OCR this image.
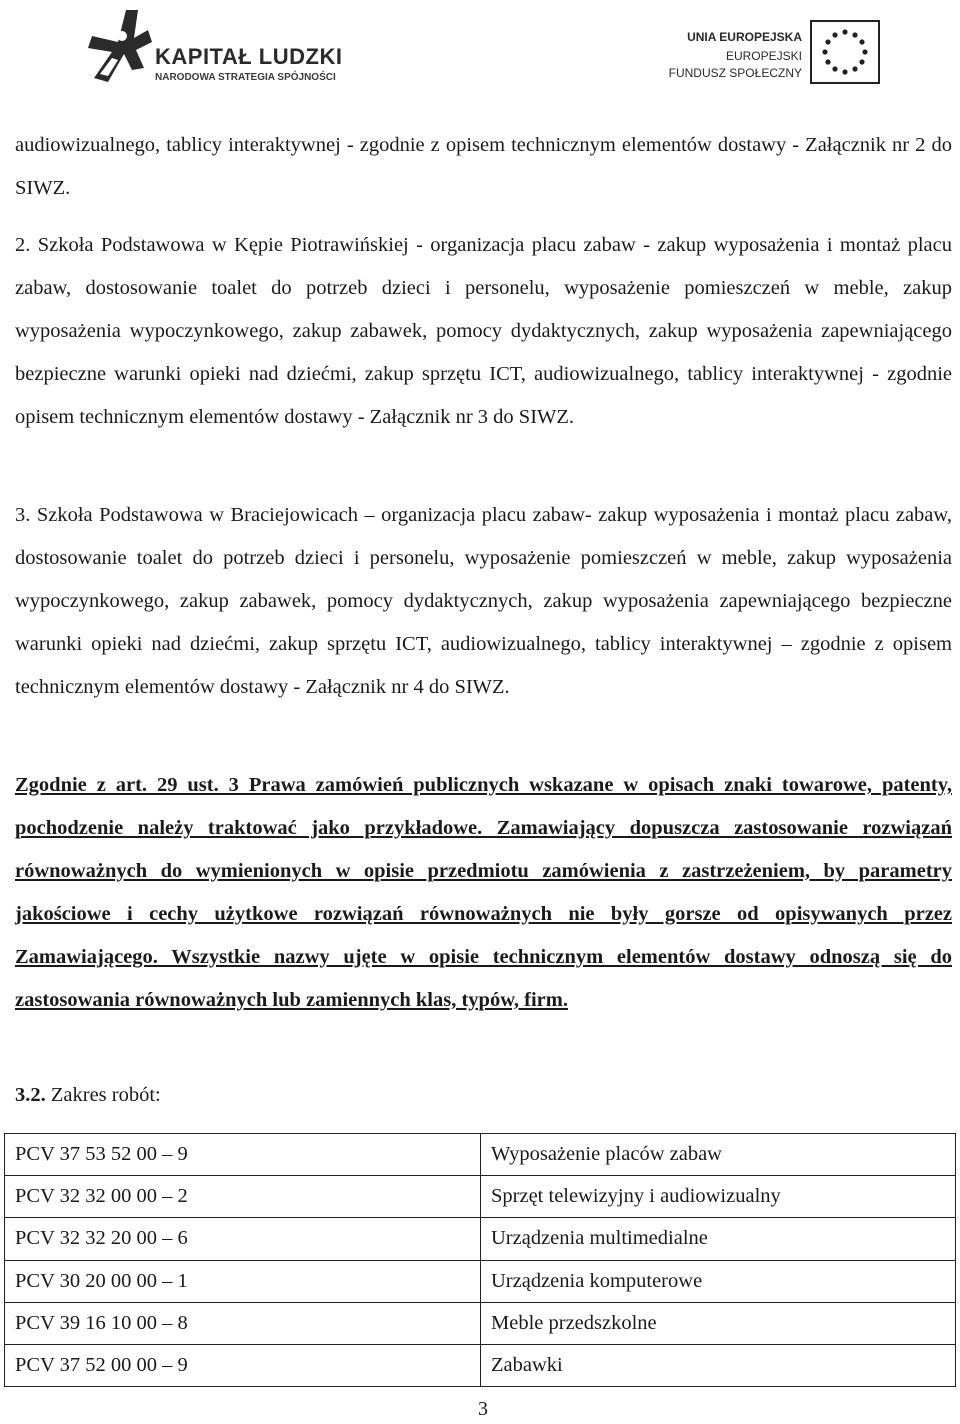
KAPITAŁ LUDZKI
NARODOWA STRATEGIA SPÓJNOŚCI
UNIA EUROPEJSKA
EUROPEJSKI
FUNDUSZ SPOŁECZNY

audiowizualnego, tablicy interaktywnej - zgodnie z opisem technicznym elementów dostawy - Załącznik nr 2 do SIWZ.

2. Szkoła Podstawowa w Kępie Piotrawińskiej - organizacja placu zabaw - zakup wyposażenia i montaż placu zabaw, dostosowanie toalet do potrzeb dzieci i personelu, wyposażenie pomieszczeń w meble, zakup wyposażenia wypoczynkowego, zakup zabawek, pomocy dydaktycznych, zakup wyposażenia zapewniającego bezpieczne warunki opieki nad dziećmi, zakup sprzętu ICT, audiowizualnego, tablicy interaktywnej - zgodnie opisem technicznym elementów dostawy - Załącznik nr 3 do SIWZ.

3. Szkoła Podstawowa w Braciejowicach – organizacja placu zabaw- zakup wyposażenia i montaż placu zabaw, dostosowanie toalet do potrzeb dzieci i personelu, wyposażenie pomieszczeń w meble, zakup wyposażenia wypoczynkowego, zakup zabawek, pomocy dydaktycznych, zakup wyposażenia zapewniającego bezpieczne warunki opieki nad dziećmi, zakup sprzętu ICT, audiowizualnego, tablicy interaktywnej – zgodnie z opisem technicznym elementów dostawy - Załącznik nr 4 do SIWZ.

Zgodnie z art. 29 ust. 3 Prawa zamówień publicznych wskazane w opisach znaki towarowe, patenty, pochodzenie należy traktować jako przykładowe. Zamawiający dopuszcza zastosowanie rozwiązań równoważnych do wymienionych w opisie przedmiotu zamówienia z zastrzeżeniem, by parametry jakościowe i cechy użytkowe rozwiązań równoważnych nie były gorsze od opisywanych przez Zamawiającego. Wszystkie nazwy ujęte w opisie technicznym elementów dostawy odnoszą się do zastosowania równoważnych lub zamiennych klas, typów, firm.

3.2. Zakres robót:
PCV 37 53 52 00 – 9	Wyposażenie placów zabaw
PCV 32 32 00 00 – 2	Sprzęt telewizyjny i audiowizualny
PCV 32 32 20 00 – 6	Urządzenia multimedialne
PCV 30 20 00 00 – 1	Urządzenia komputerowe
PCV 39 16 10 00 – 8	Meble przedszkolne
PCV 37 52 00 00 – 9	Zabawki
3
